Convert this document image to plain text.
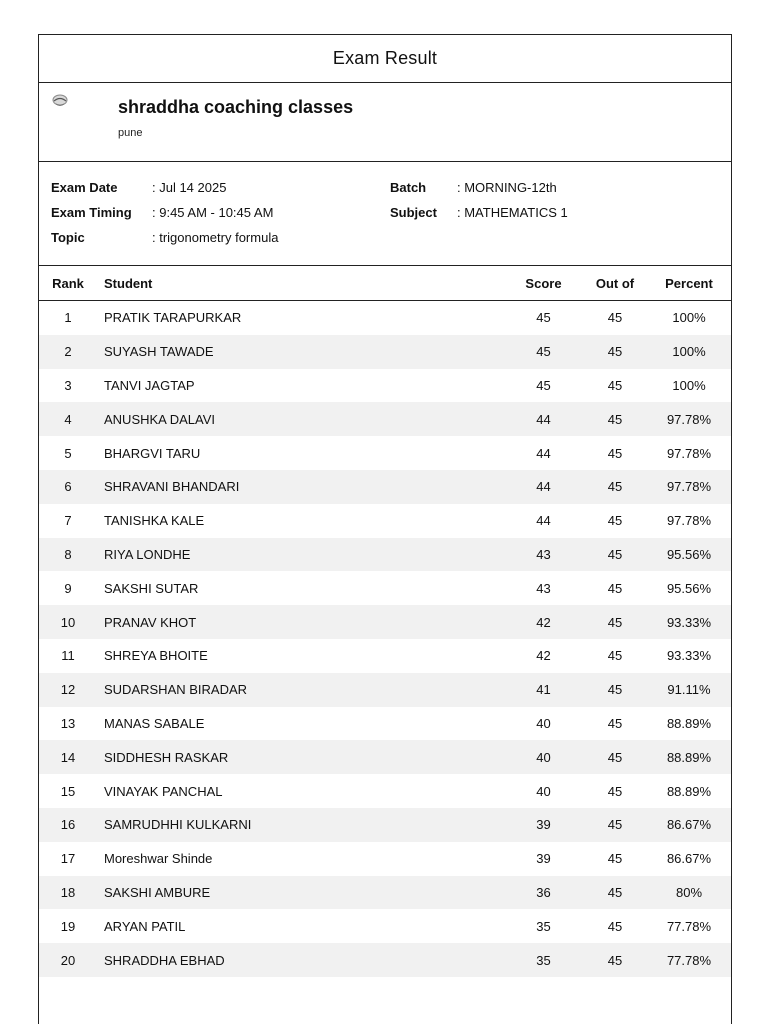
Exam Result
shraddha coaching classes
pune
Exam Date	: Jul 14 2025	Batch : MORNING-12th
Exam Timing : 9:45 AM - 10:45 AM	Subject : MATHEMATICS 1
Topic	: trigonometry formula
Rank	Student	Score	Out of	Percent
1	PRATIK TARAPURKAR	45	45	100%
2	SUYASH TAWADE	45	45	100%
3	TANVI JAGTAP	45	45	100%
4	ANUSHKA DALAVI	44	45	97.78%
5	BHARGVI TARU	44	45	97.78%
6	SHRAVANI BHANDARI	44	45	97.78%
7	TANISHKA KALE	44	45	97.78%
8	RIYA LONDHE	43	45	95.56%
9	SAKSHI SUTAR	43	45	95.56%
10	PRANAV KHOT	42	45	93.33%
11	SHREYA BHOITE	42	45	93.33%
12	SUDARSHAN BIRADAR	41	45	91.11%
13	MANAS SABALE	40	45	88.89%
14	SIDDHESH RASKAR	40	45	88.89%
15	VINAYAK PANCHAL	40	45	88.89%
16	SAMRUDHHI KULKARNI	39	45	86.67%
17	Moreshwar Shinde	39	45	86.67%
18	SAKSHI AMBURE	36	45	80%
19	ARYAN PATIL	35	45	77.78%
20	SHRADDHA EBHAD	35	45	77.78%
